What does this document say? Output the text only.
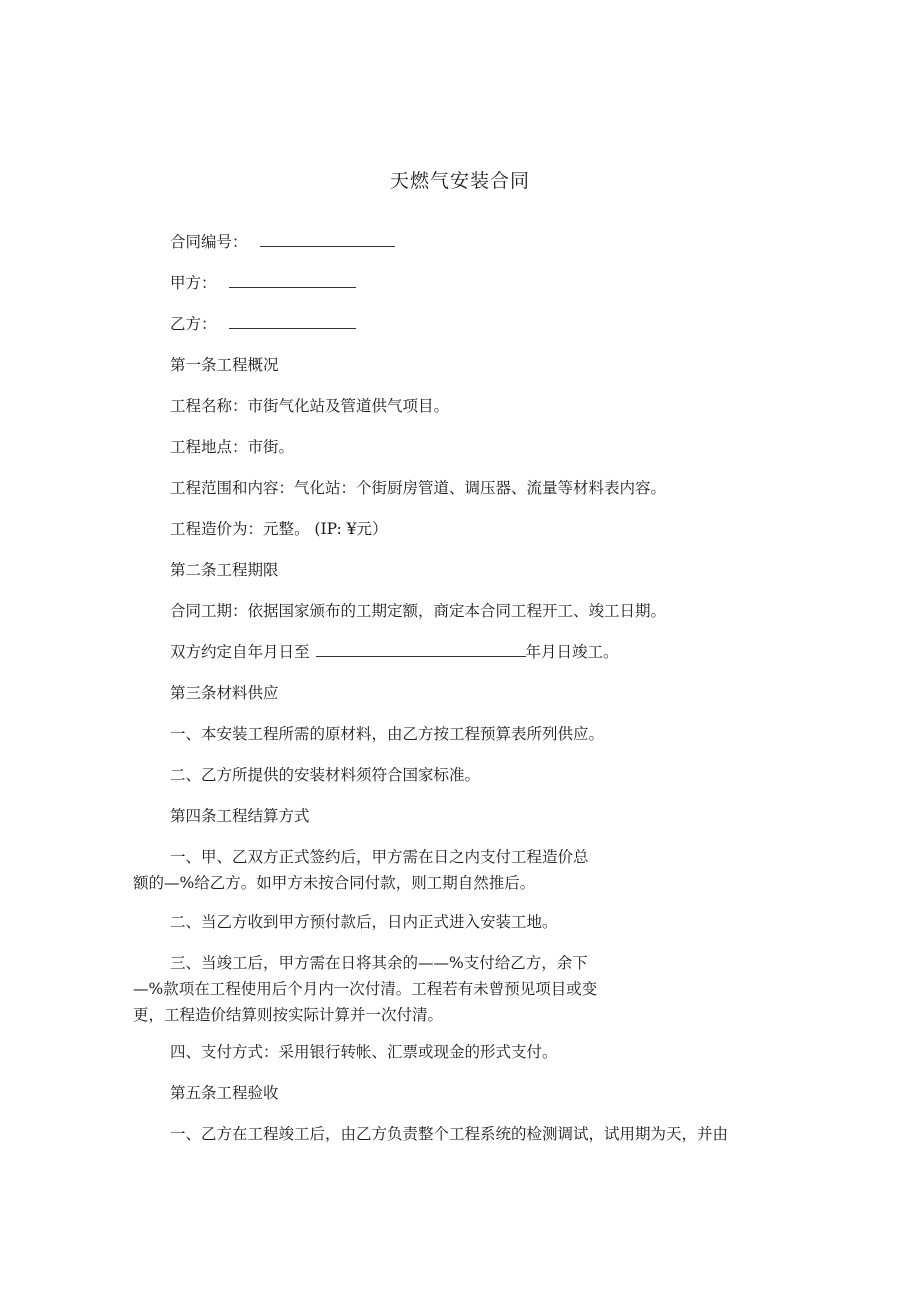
天燃气安装合同
合同编号：
甲方：
乙方：
第一条工程概况
工程名称：市街气化站及管道供气项目。
工程地点：市街。
工程范围和内容：气化站：个街厨房管道、调压器、流量等材料表内容。
工程造价为：元整。 (IP: ¥元）
第二条工程期限
合同工期：依据国家颁布的工期定额，商定本合同工程开工、竣工日期。
双方约定自年月日至	年月日竣工。
第三条材料供应
一、本安装工程所需的原材料，由乙方按工程预算表所列供应。
二、乙方所提供的安装材料须符合国家标准。
第四条工程结算方式
一、甲、乙双方正式签约后，甲方需在日之内支付工程造价总
额的—%给乙方。如甲方未按合同付款，则工期自然推后。
二、当乙方收到甲方预付款后，日内正式进入安装工地。
三、当竣工后，甲方需在日将其余的——%支付给乙方，余下
—%款项在工程使用后个月内一次付清。工程若有未曾预见项目或变
更，工程造价结算则按实际计算并一次付清。
四、支付方式：采用银行转帐、汇票或现金的形式支付。
第五条工程验收
一、乙方在工程竣工后，由乙方负责整个工程系统的检测调试，试用期为天，并由
